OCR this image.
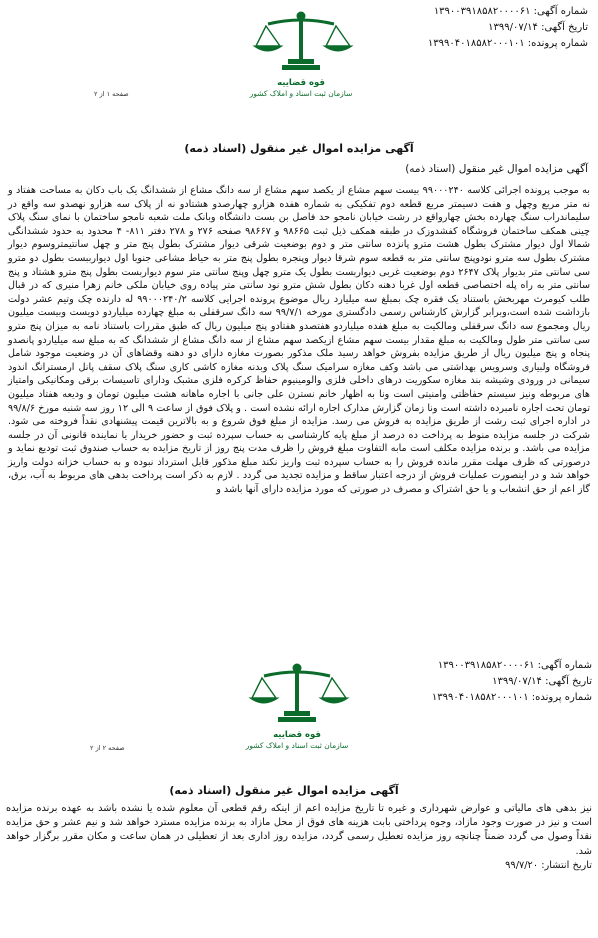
شماره آگهی: ۱۳۹۰۰۳۹۱۸۵۸۲۰۰۰۰۶۱
تاریخ آگهی: ۱۳۹۹/۰۷/۱۴
شماره پرونده: ۱۳۹۹۰۴۰۱۸۵۸۲۰۰۰۱۰۱
قوه قضاییه
سازمان ثبت اسناد و املاک کشور
صفحه ۱ از ۲
آگهی مزایده اموال غیر منقول (اسناد ذمه)
آگهی مزایده اموال غیر منقول (اسناد ذمه)
به موجب پرونده اجرائی کلاسه ۹۹۰۰۰۲۴۰ بیست سهم مشاع از یکصد سهم مشاع از سه دانگ مشاع از ششدانگ یک باب دکان به مساحت هفتاد و نه متر مربع وچهل و هفت دسیمتر مربع قطعه دوم تفکیکی به شماره هفده هزارو چهارصدو هشتادو نه از پلاک سه هزارو نهصدو سه واقع در سلیماندراب سنگ چهارده بخش چهارواقع در رشت خیابان نامجو حد فاصل بن بست دانشگاه وبانک ملت شعبه نامجو ساختمان با نمای سنگ پلاک چینی همکف ساختمان فروشگاه کفشدوزک در طبقه همکف ذیل ثبت ۹۸۶۶۵ و ۹۸۶۶۷ صفحه ۲۷۶ و ۲۷۸ دفتر ۸۱۱- ۴ محدود به حدود ششدانگی شمالا اول دیوار مشترک بطول هشت مترو پانزده سانتی متر و دوم بوضعیت شرقی دیوار مشترک بطول پنج متر و چهل سانتیمتروسوم دیوار مشترک بطول سه مترو نودوپنج سانتی متر به قطعه سوم شرقا دیوار وپنجره بطول پنج متر به حیاط مشاعی جنوبا اول دیوارببست بطول دو مترو سی سانتی متر بدیوار پلاک ۲۶۴۷ دوم بوضعیت غربی دیواربست بطول یک مترو چهل وپنج سانتی متر سوم دیواربست بطول پنج مترو هشتاد و پنج سانتی متر به راه پله اختصاصی قطعه اول غربا دهنه دکان بطول شش مترو نود سانتی متر پیاده روی خیابان ملکی خانم زهرا منیری که در قبال طلب کیومرث مهربخش باستناد یک فقره چک بمبلغ سه میلیارد ریال موضوع پرونده اجرایی کلاسه ۹۹۰۰۰۲۴۰/۲ له دارنده چک وتیم عشر دولت بازداشت شده است،وبرابر گزارش کارشناس رسمی دادگستری مورخه ۹۹/۷/۱ سه دانگ سرقفلی به مبلغ چهارده میلیاردو دویست وبیست میلیون ریال ومجموع سه دانگ سرقفلی ومالکیت به مبلغ هفده میلیاردو هفتصدو هفتادو پنج میلیون ریال که طبق مقررات باستناد نامه به میزان پنج مترو سی سانتی متر طول ومالکیت به مبلغ مقدار بیست سهم مشاع ازیکصد سهم مشاع از سه دانگ مشاع از ششدانگ که به مبلغ سه میلیاردو پانصدو پنجاه و پنج میلیون ریال از طریق مزایده بفروش خواهد رسید ملک مذکور بصورت مغازه دارای دو دهنه وقضاهای آن در وضعیت موجود شامل فروشگاه ولبیاری وسرویس بهداشتی می باشد وکف مغازه سرامیک سنگ پلاک وبدنه مغازه کاشی کاری سنگ پلاک سقف پانل ارمسترانگ اندود سیمانی در ورودی وشیشه بند مغازه سکوریت درهای داخلی فلزی والومینیوم حفاظ کرکره فلزی مشبک ودارای تاسیسات برقی ومکانیکی وامتیاز های مربوطه ونیز سیستم حفاظتی وامنیتی است ونا به اظهار خانم نسترن علی جانی با اجاره ماهانه هشت میلیون تومان و ودیعه هفتاد میلیون تومان تحت اجاره نامبرده داشته است ونا زمان گزارش مدارک اجاره ارائه نشده است . و پلاک فوق از ساعت ۹ الی ۱۲ روز سه شنبه مورخ ۹۹/۸/۶ در اداره اجرای ثبت رشت از طریق مزایده به فروش می رسد. مزایده از مبلغ فوق شروع و به بالاترین قیمت پیشنهادی نقداً فروخته می شود. شرکت در جلسه مزایده منوط به پرداخت ده درصد از مبلغ پایه کارشناسی به حساب سپرده ثبت و حضور خریدار یا نماینده قانونی آن در جلسه مزایده می باشد. و برنده مزایده مکلف است مابه التفاوت مبلغ فروش را ظرف مدت پنج روز از تاریخ مزایده به حساب صندوق ثبت تودیع نماید و درصورتی که ظرف مهلت مقرر مانده فروش را به حساب سپرده ثبت واریز نکند مبلغ مذکور قابل استرداد نبوده و به حساب خزانه دولت واریز خواهد شد و در اینصورت عملیات فروش از درجه اعتبار ساقط و مزایده تجدید می گردد . لازم به ذکر است پرداخت بدهی های مربوط به آب، برق، گاز اعم از حق انشعاب و یا حق اشتراک و مصرف در صورتی که مورد مزایده دارای آنها باشد و
شماره آگهی: ۱۳۹۰۰۳۹۱۸۵۸۲۰۰۰۰۶۱
تاریخ آگهی: ۱۳۹۹/۰۷/۱۴
شماره پرونده: ۱۳۹۹۰۴۰۱۸۵۸۲۰۰۰۱۰۱
قوه قضاییه
سازمان ثبت اسناد و املاک کشور
صفحه ۲ از ۲
آگهی مزایده اموال غیر منقول (اسناد ذمه)
نیز بدهی های مالیاتی و عوارض شهرداری و غیره تا تاریخ مزایده اعم از اینکه رقم قطعی آن معلوم شده یا نشده باشد به عهده برنده مزایده است و نیز در صورت وجود مازاد، وجوه پرداختی بابت هزینه های فوق از محل مازاد به برنده مزایده مسترد خواهد شد و نیم عشر و حق مزایده نقداً وصول می گردد ضمناً چنانچه روز مزایده تعطیل رسمی گردد، مزایده روز اداری بعد از تعطیلی در همان ساعت و مکان مقرر برگزار خواهد شد.
تاریخ انتشار: ۹۹/۷/۲۰
